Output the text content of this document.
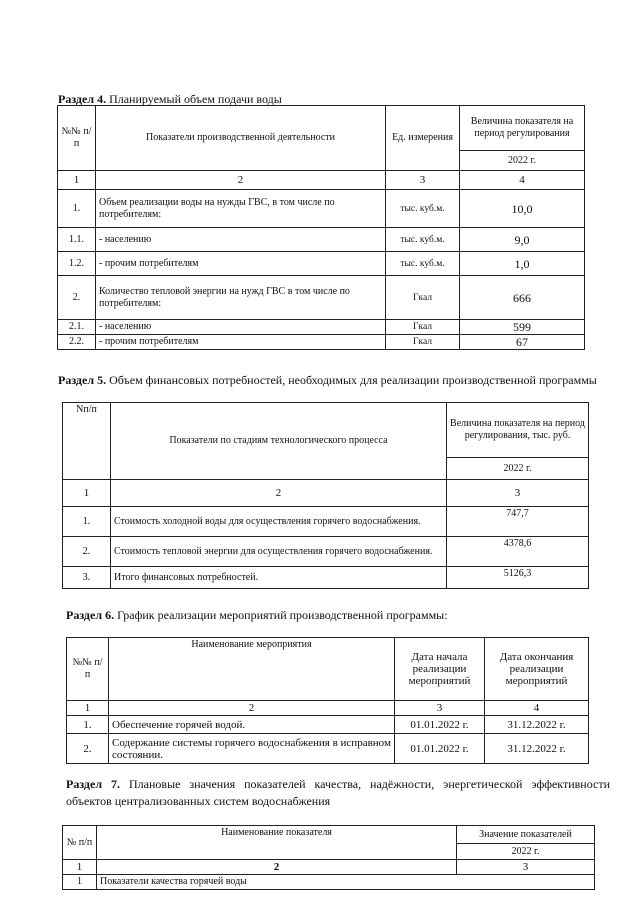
Раздел 4. Планируемый объем подачи воды
№№ п/п	Показатели производственной деятельности	Ед. измерения	Величина показателя на период регулирования
			2022 г.
1	2	3	4
1.	Объем реализации воды на нужды ГВС, в том числе по потребителям:	тыс. куб.м.	10,0
1.1.	- населению	тыс. куб.м.	9,0
1.2.	- прочим потребителям	тыс. куб.м.	1,0
2.	Количество тепловой энергии на нужд ГВС в том числе по потребителям:	Гкал	666
2.1.	- населению	Гкал	599
2.2.	- прочим потребителям	Гкал	67
Раздел 5. Объем финансовых потребностей, необходимых для реализации производственной программы
Nп/п	Показатели по стадиям технологического процесса	Величина показателя на период регулирования, тыс. руб.
		2022 г.
1	2	3
1.	Стоимость холодной воды для осуществления горячего водоснабжения.	747,7
2.	Стоимость тепловой энергии для осуществления горячего водоснабжения.	4378,6
3.	Итого финансовых потребностей.	5126,3
Раздел 6. График реализации мероприятий производственной программы:
№№ п/п	Наименование мероприятия	Дата начала реализации мероприятий	Дата окончания реализации мероприятий
1	2	3	4
1.	Обеспечение горячей водой.	01.01.2022 г.	31.12.2022 г.
2.	Содержание системы горячего водоснабжения в исправном состоянии.	01.01.2022 г.	31.12.2022 г.
Раздел 7. Плановые значения показателей качества, надёжности, энергетической эффективности объектов централизованных систем водоснабжения
№ п/п	Наименование показателя	Значение показателей
		2022 г.
1	2	3
1	Показатели качества горячей воды	
